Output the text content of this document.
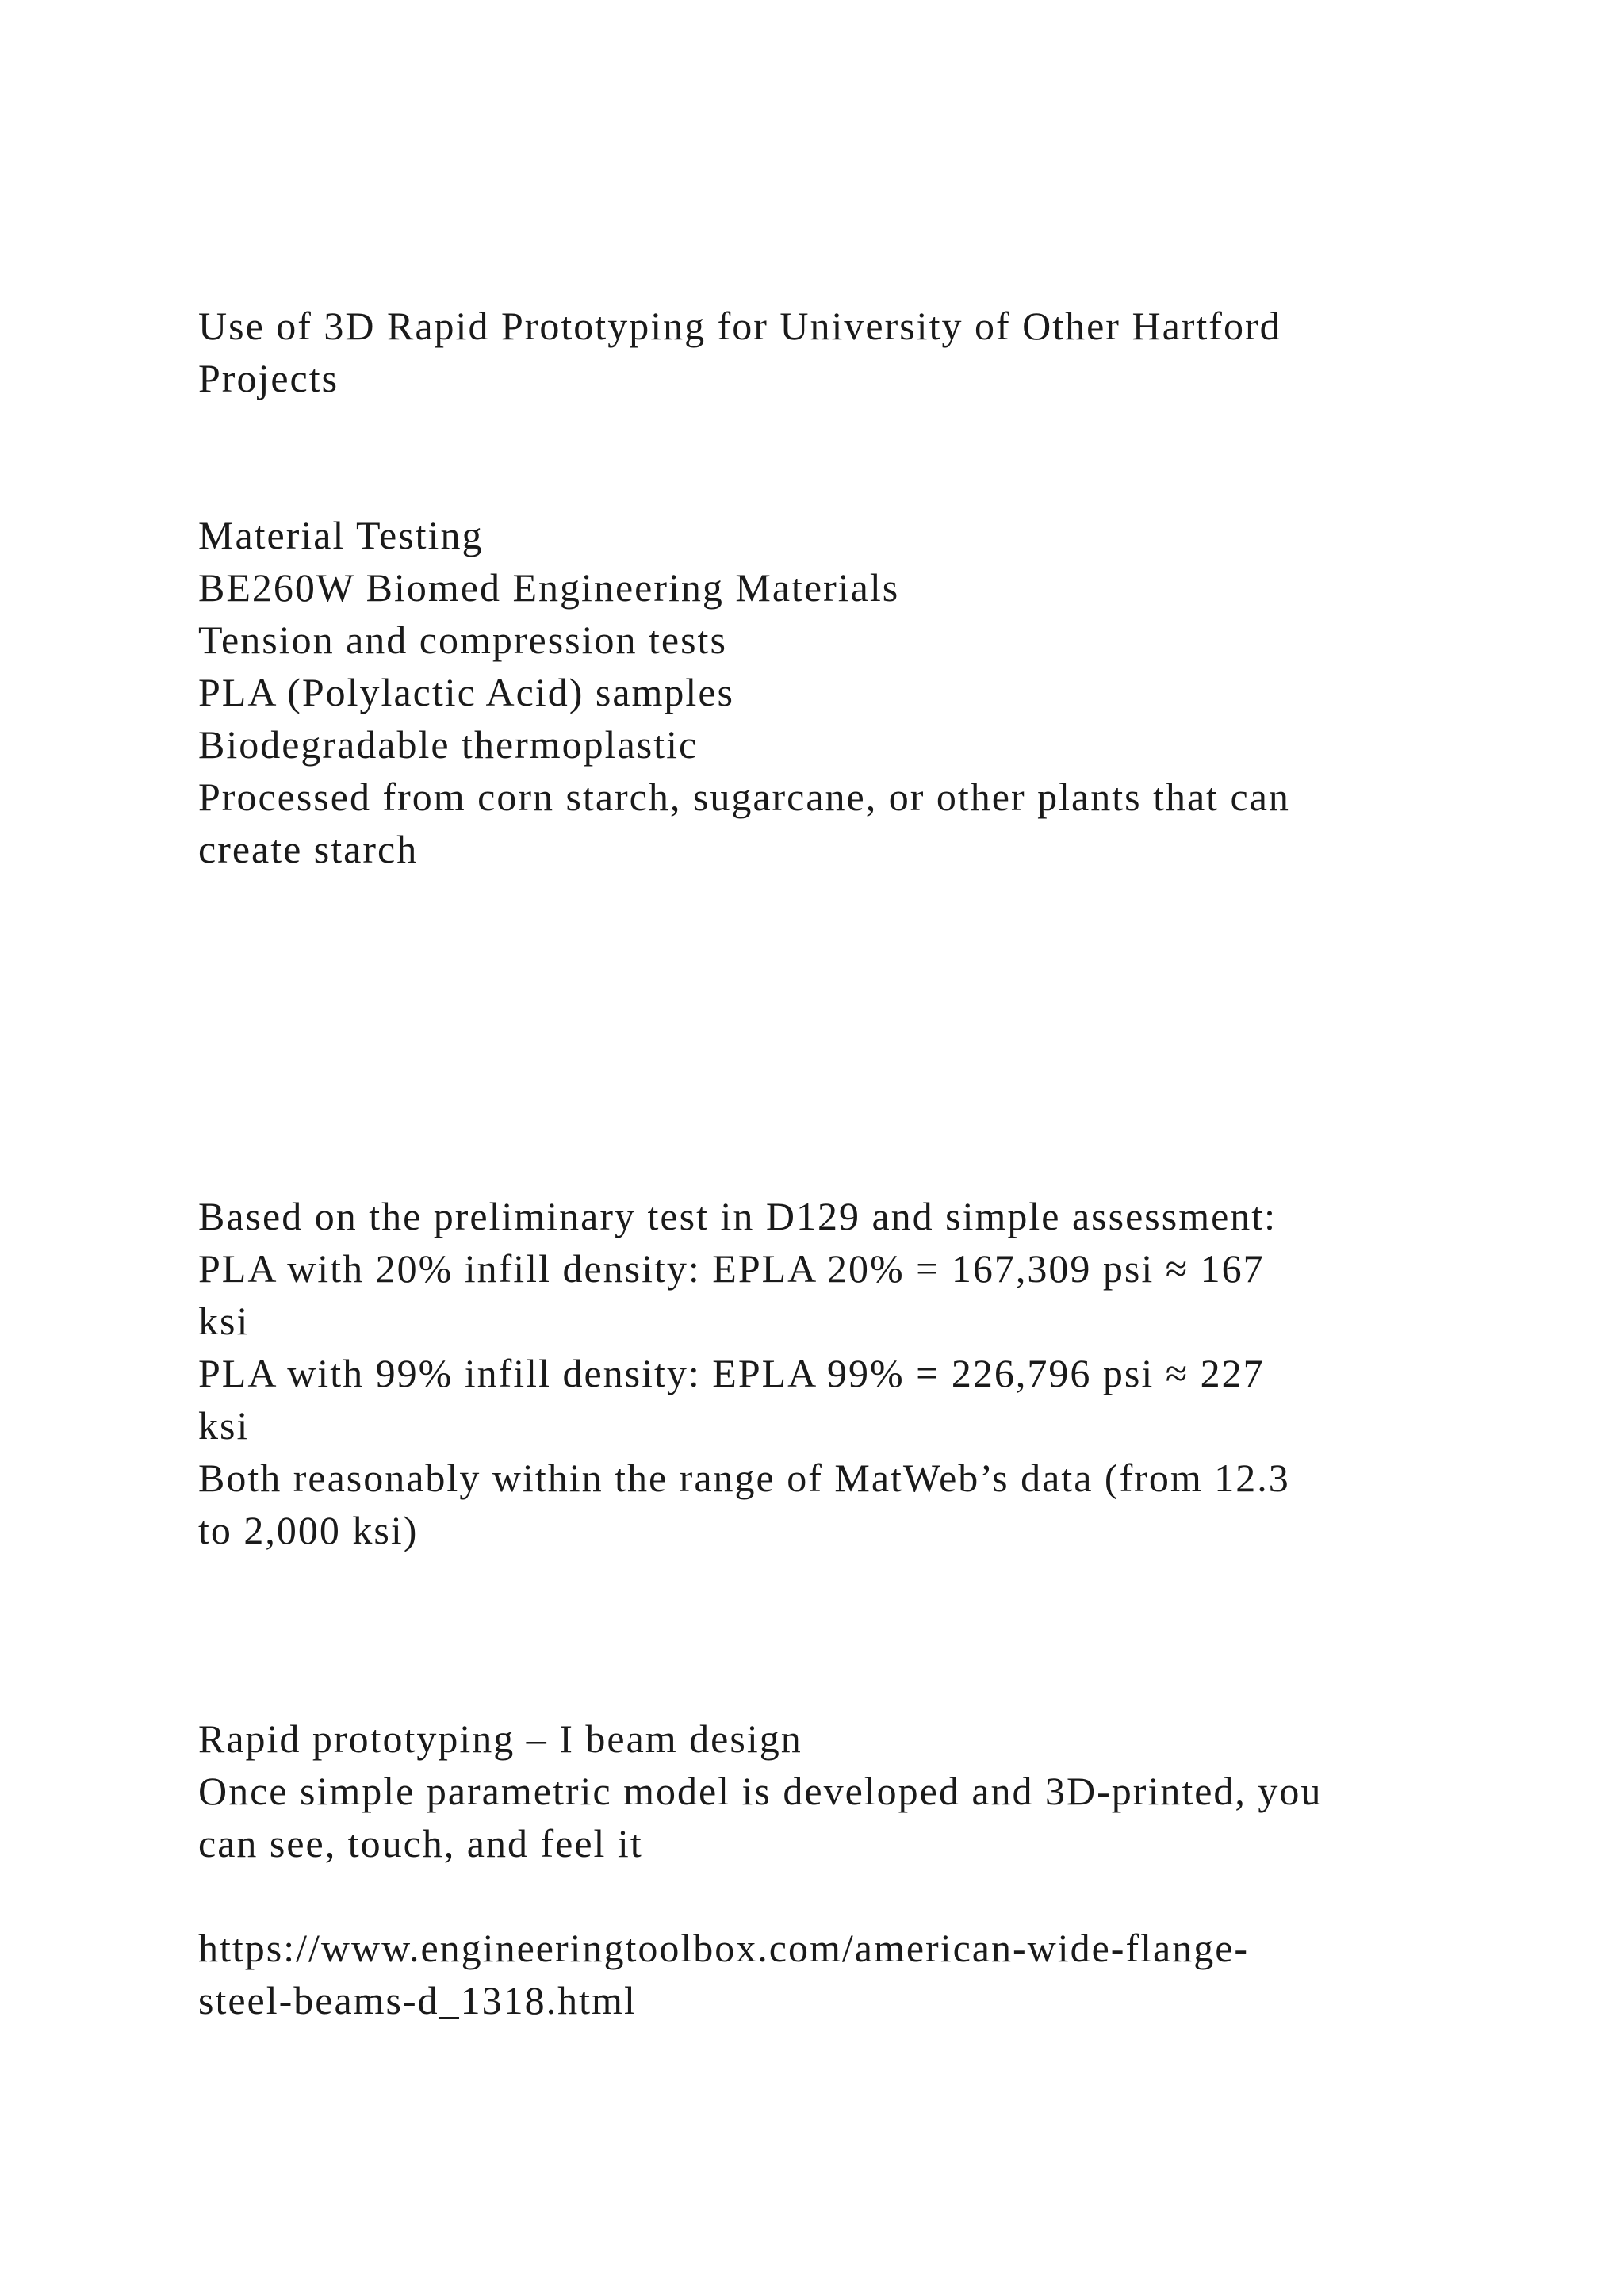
Use of 3D Rapid Prototyping for University of Other Hartford

Projects

Material Testing

BE260W Biomed Engineering Materials

Tension and compression tests

PLA (Polylactic Acid) samples

Biodegradable thermoplastic

Processed from corn starch, sugarcane, or other plants that can

create starch

Based on the preliminary test in D129 and simple assessment:

PLA with 20% infill density: EPLA 20% = 167,309 psi ≈ 167

ksi

PLA with 99% infill density: EPLA 99% = 226,796 psi ≈ 227

ksi

Both reasonably within the range of MatWeb’s data (from 12.3

to 2,000 ksi)

Rapid prototyping – I beam design

Once simple parametric model is developed and 3D-printed, you

can see, touch, and feel it

https://www.engineeringtoolbox.com/american-wide-flange-

steel-beams-d_1318.html
